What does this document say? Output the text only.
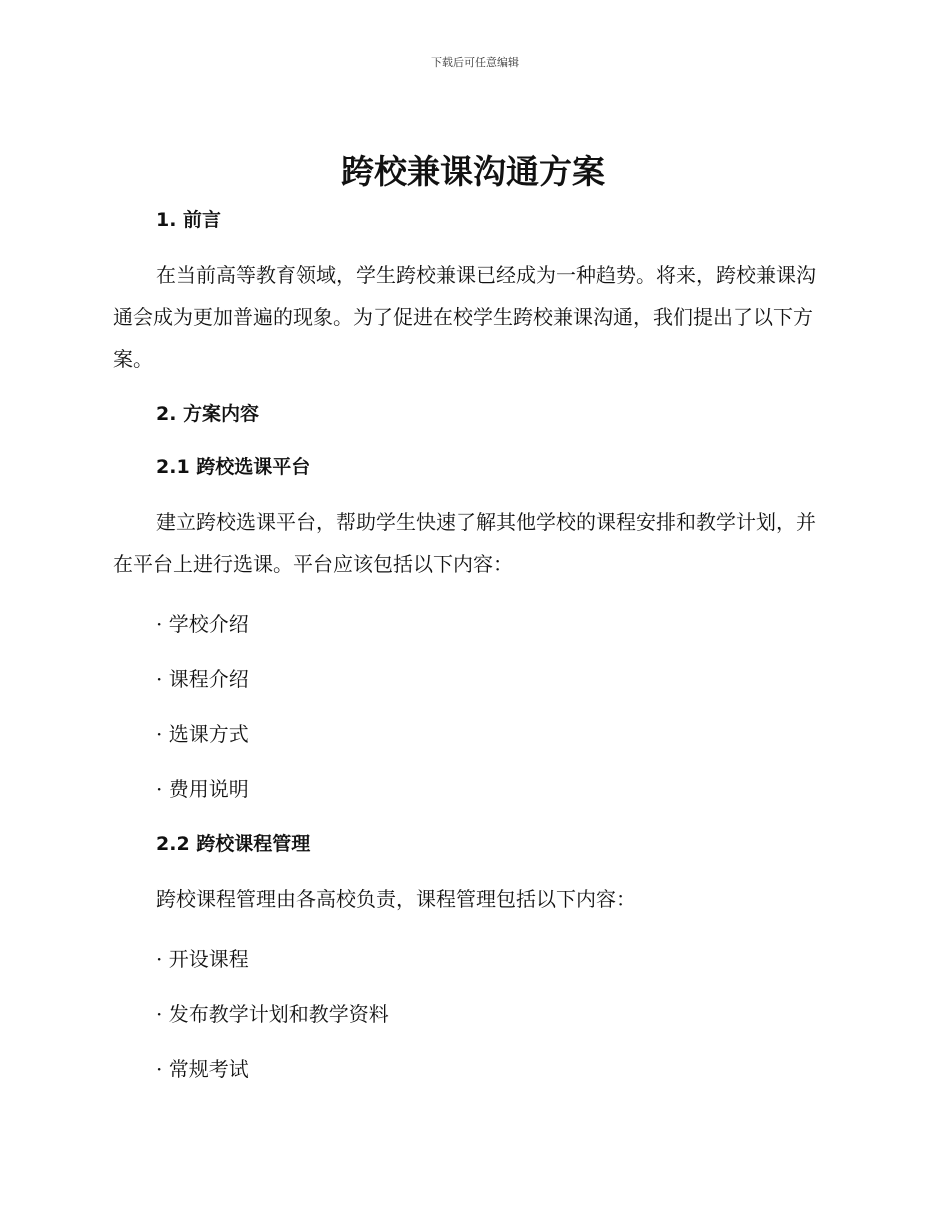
下载后可任意编辑
跨校兼课沟通方案
1. 前言

在当前高等教育领域，学生跨校兼课已经成为一种趋势。将来，跨校兼课沟通会成为更加普遍的现象。为了促进在校学生跨校兼课沟通，我们提出了以下方案。

2. 方案内容
2.1 跨校选课平台

建立跨校选课平台，帮助学生快速了解其他学校的课程安排和教学计划，并在平台上进行选课。平台应该包括以下内容：

· 学校介绍
· 课程介绍
· 选课方式
· 费用说明
2.2 跨校课程管理

跨校课程管理由各高校负责，课程管理包括以下内容：

· 开设课程
· 发布教学计划和教学资料
· 常规考试
